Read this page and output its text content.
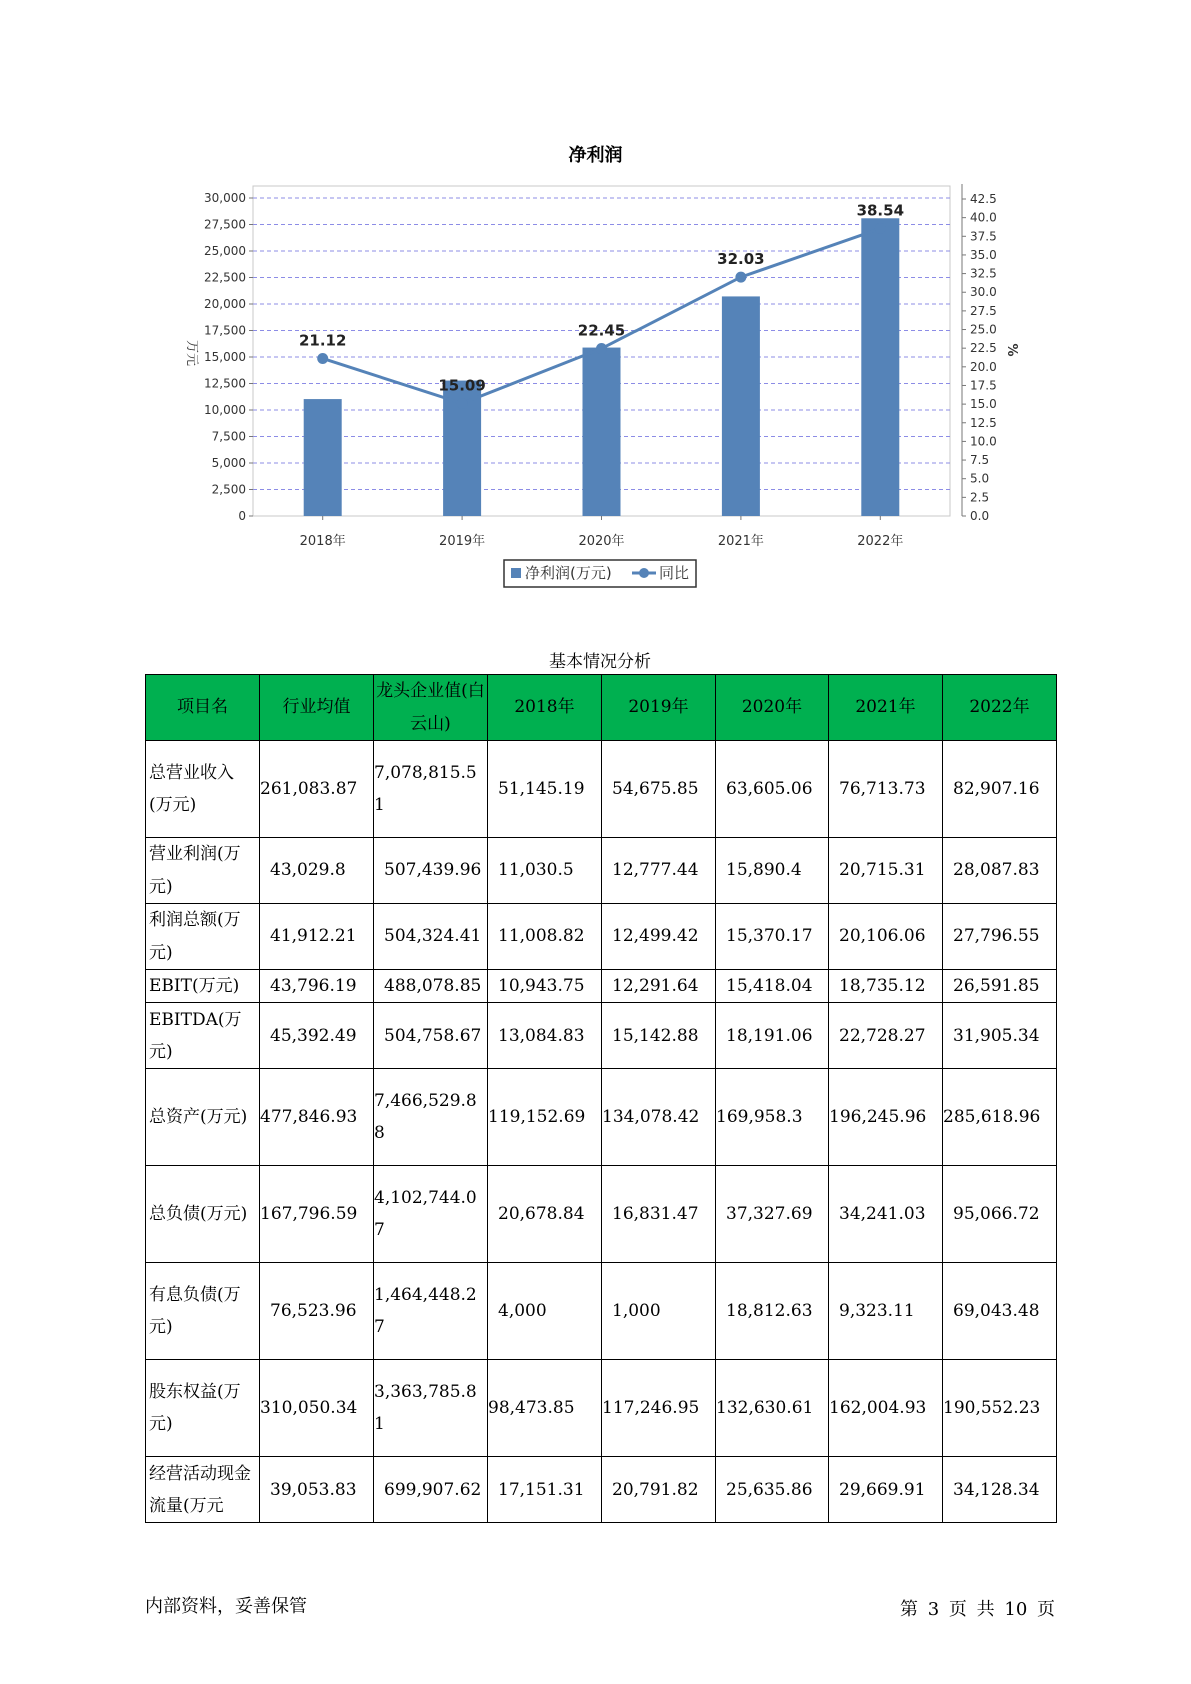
净利润
0
2,500
5,000
7,500
10,000
12,500
15,000
17,500
20,000
22,500
25,000
27,500
30,000
0.0
2.5
5.0
7.5
10.0
12.5
15.0
17.5
20.0
22.5
25.0
27.5
30.0
32.5
35.0
37.5
40.0
42.5
万元	%
2018年	2019年	2020年	2021年	2022年
21.12
15.09
22.45
32.03
38.54
净利润(万元)	同比
基本情况分析
项目名	行业均值	龙头企业值(白云山)	2018年	2019年	2020年	2021年	2022年
总营业收入(万元)	261,083.87	7,078,815.51	51,145.19	54,675.85	63,605.06	76,713.73	82,907.16
营业利润(万元)	43,029.8	507,439.96	11,030.5	12,777.44	15,890.4	20,715.31	28,087.83
利润总额(万元)	41,912.21	504,324.41	11,008.82	12,499.42	15,370.17	20,106.06	27,796.55
EBIT(万元)	43,796.19	488,078.85	10,943.75	12,291.64	15,418.04	18,735.12	26,591.85
EBITDA(万元)	45,392.49	504,758.67	13,084.83	15,142.88	18,191.06	22,728.27	31,905.34
总资产(万元)	477,846.93	7,466,529.88	119,152.69	134,078.42	169,958.3	196,245.96	285,618.96
总负债(万元)	167,796.59	4,102,744.07	20,678.84	16,831.47	37,327.69	34,241.03	95,066.72
有息负债(万元)	76,523.96	1,464,448.27	4,000	1,000	18,812.63	9,323.11	69,043.48
股东权益(万元)	310,050.34	3,363,785.81	98,473.85	117,246.95	132,630.61	162,004.93	190,552.23
经营活动现金流量(万元	39,053.83	699,907.62	17,151.31	20,791.82	25,635.86	29,669.91	34,128.34
内部资料，妥善保管	第 3 页 共 10 页
